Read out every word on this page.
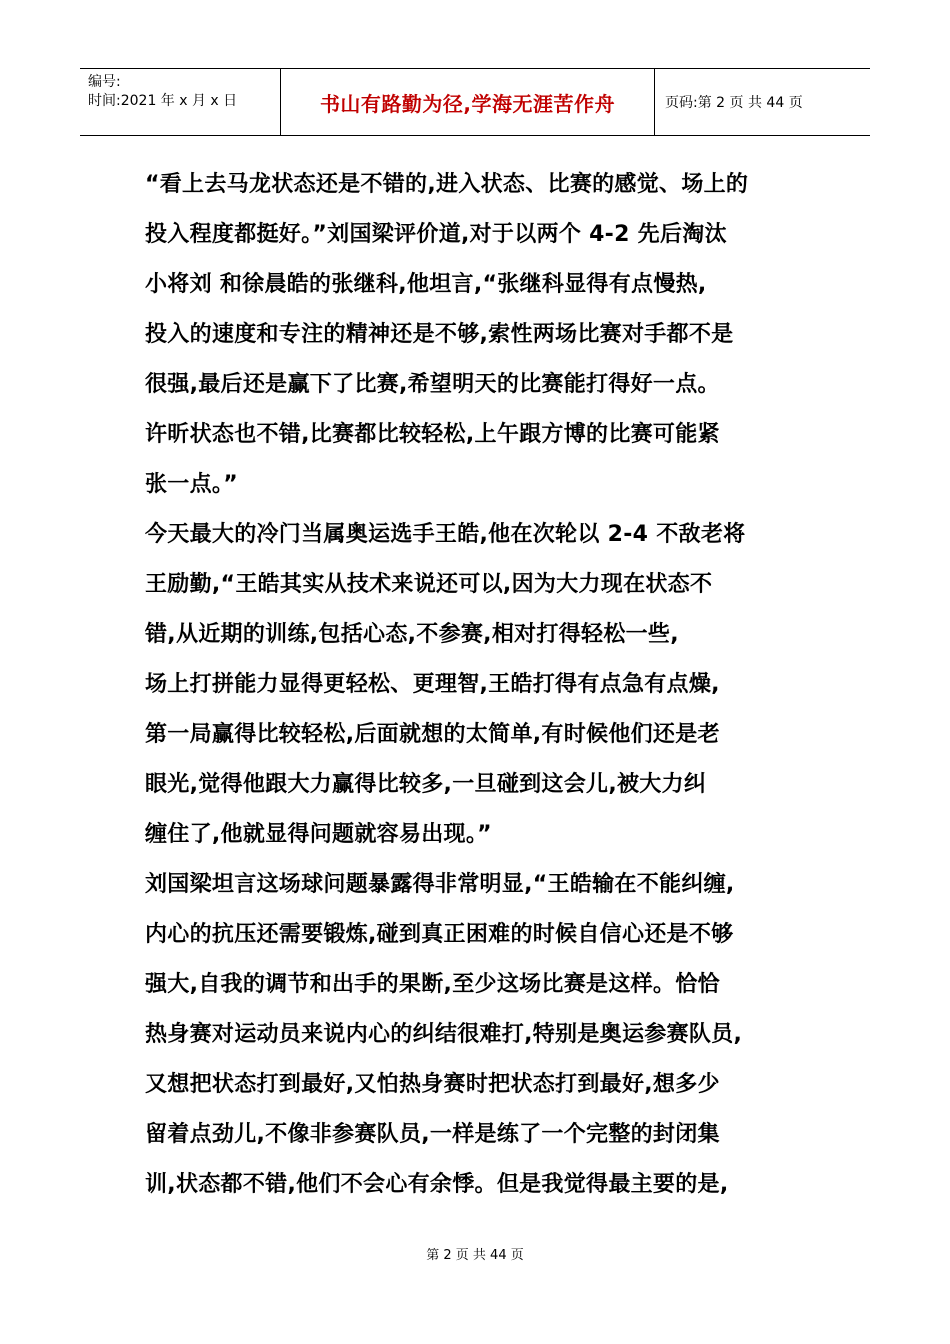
编号:
时间:2021 年 x 月 x 日	书山有路勤为径,学海无涯苦作舟	页码:第 2 页 共 44 页
“看上去马龙状态还是不错的,进入状态、比赛的感觉、场上的
投入程度都挺好。”刘国梁评价道,对于以两个 4-2 先后淘汰
小将刘 和徐晨皓的张继科,他坦言,“张继科显得有点慢热,
投入的速度和专注的精神还是不够,索性两场比赛对手都不是
很强,最后还是赢下了比赛,希望明天的比赛能打得好一点。
许昕状态也不错,比赛都比较轻松,上午跟方博的比赛可能紧
张一点。”
今天最大的冷门当属奥运选手王皓,他在次轮以 2-4 不敌老将
王励勤,“王皓其实从技术来说还可以,因为大力现在状态不
错,从近期的训练,包括心态,不参赛,相对打得轻松一些,
场上打拼能力显得更轻松、更理智,王皓打得有点急有点燥,
第一局赢得比较轻松,后面就想的太简单,有时候他们还是老
眼光,觉得他跟大力赢得比较多,一旦碰到这会儿,被大力纠
缠住了,他就显得问题就容易出现。”
刘国梁坦言这场球问题暴露得非常明显,“王皓输在不能纠缠,
内心的抗压还需要锻炼,碰到真正困难的时候自信心还是不够
强大,自我的调节和出手的果断,至少这场比赛是这样。恰恰
热身赛对运动员来说内心的纠结很难打,特别是奥运参赛队员,
又想把状态打到最好,又怕热身赛时把状态打到最好,想多少
留着点劲儿,不像非参赛队员,一样是练了一个完整的封闭集
训,状态都不错,他们不会心有余悸。但是我觉得最主要的是,
第 2 页 共 44 页
